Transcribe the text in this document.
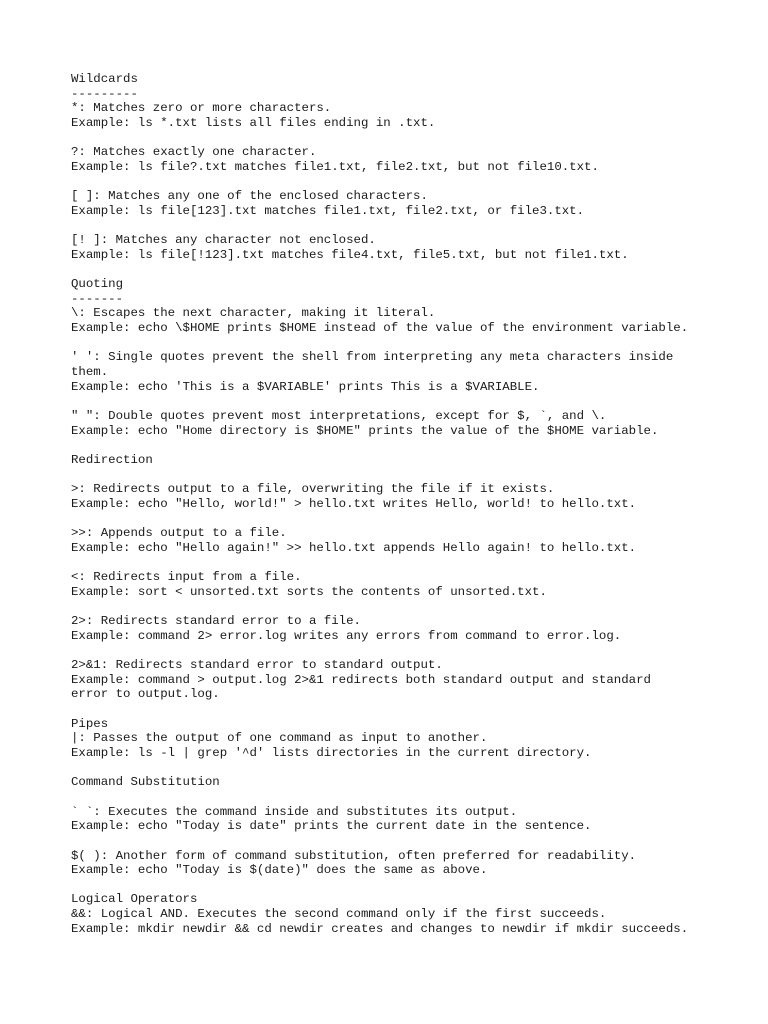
Wildcards
---------
*: Matches zero or more characters.
Example: ls *.txt lists all files ending in .txt.
?: Matches exactly one character.
Example: ls file?.txt matches file1.txt, file2.txt, but not file10.txt.
[ ]: Matches any one of the enclosed characters.
Example: ls file[123].txt matches file1.txt, file2.txt, or file3.txt.
[! ]: Matches any character not enclosed.
Example: ls file[!123].txt matches file4.txt, file5.txt, but not file1.txt.
Quoting
-------
\: Escapes the next character, making it literal.
Example: echo \$HOME prints $HOME instead of the value of the environment variable.
' ': Single quotes prevent the shell from interpreting any meta characters inside
them.
Example: echo 'This is a $VARIABLE' prints This is a $VARIABLE.
" ": Double quotes prevent most interpretations, except for $, `, and \.
Example: echo "Home directory is $HOME" prints the value of the $HOME variable.
Redirection
>: Redirects output to a file, overwriting the file if it exists.
Example: echo "Hello, world!" > hello.txt writes Hello, world! to hello.txt.
>>: Appends output to a file.
Example: echo "Hello again!" >> hello.txt appends Hello again! to hello.txt.
<: Redirects input from a file.
Example: sort < unsorted.txt sorts the contents of unsorted.txt.
2>: Redirects standard error to a file.
Example: command 2> error.log writes any errors from command to error.log.
2>&1: Redirects standard error to standard output.
Example: command > output.log 2>&1 redirects both standard output and standard
error to output.log.
Pipes
|: Passes the output of one command as input to another.
Example: ls -l | grep '^d' lists directories in the current directory.
Command Substitution
` `: Executes the command inside and substitutes its output.
Example: echo "Today is date" prints the current date in the sentence.
$( ): Another form of command substitution, often preferred for readability.
Example: echo "Today is $(date)" does the same as above.
Logical Operators
&&: Logical AND. Executes the second command only if the first succeeds.
Example: mkdir newdir && cd newdir creates and changes to newdir if mkdir succeeds.
